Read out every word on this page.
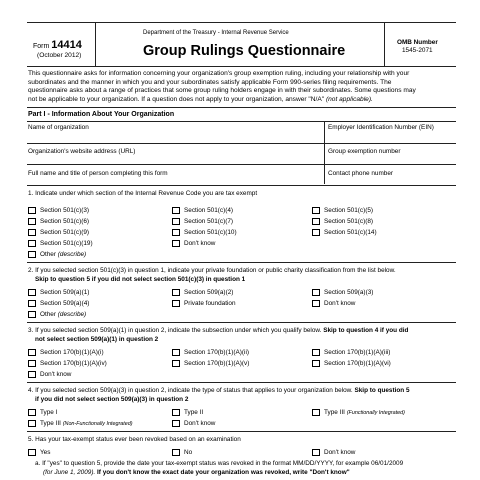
Form 14414
(October 2012)
Department of the Treasury - Internal Revenue Service
Group Rulings Questionnaire
OMB Number
1545-2071
This questionnaire asks for information concerning your organization's group exemption ruling, including your relationship with your
subordinates and the manner in which you and your subordinates satisfy applicable Form 990-series filing requirements. The
questionnaire asks about a range of practices that some group ruling holders engage in with their subordinates. Some questions may
not be applicable to your organization. If a question does not apply to your organization, answer "N/A" (not applicable).
Part I - Information About Your Organization
Name of organization	Employer Identification Number (EIN)
Organization's website address (URL)	Group exemption number
Full name and title of person completing this form	Contact phone number
1. Indicate under which section of the Internal Revenue Code you are tax exempt
Section 501(c)(3)	Section 501(c)(4)	Section 501(c)(5)
Section 501(c)(6)	Section 501(c)(7)	Section 501(c)(8)
Section 501(c)(9)	Section 501(c)(10)	Section 501(c)(14)
Section 501(c)(19)	Don't know
Other (describe)
2. If you selected section 501(c)(3) in question 1, indicate your private foundation or public charity classification from the list below.
Skip to question 5 if you did not select section 501(c)(3) in question 1
Section 509(a)(1)	Section 509(a)(2)	Section 509(a)(3)
Section 509(a)(4)	Private foundation	Don't know
Other (describe)
3. If you selected section 509(a)(1) in question 2, indicate the subsection under which you qualify below. Skip to question 4 if you did
not select section 509(a)(1) in question 2
Section 170(b)(1)(A)(i)	Section 170(b)(1)(A)(ii)	Section 170(b)(1)(A)(iii)
Section 170(b)(1)(A)(iv)	Section 170(b)(1)(A)(v)	Section 170(b)(1)(A)(vi)
Don't know
4. If you selected section 509(a)(3) in question 2, indicate the type of status that applies to your organization below. Skip to question 5
if you did not select section 509(a)(3) in question 2
Type I	Type II	Type III (Functionally Integrated)
Type III (Non-Functionally Integrated)	Don't know
5. Has your tax-exempt status ever been revoked based on an examination
Yes	No	Don't know
a. If "yes" to question 5, provide the date your tax-exempt status was revoked in the format MM/DD/YYYY, for example 06/01/2009
(for June 1, 2009). If you don't know the exact date your organization was revoked, write "Don't know"
